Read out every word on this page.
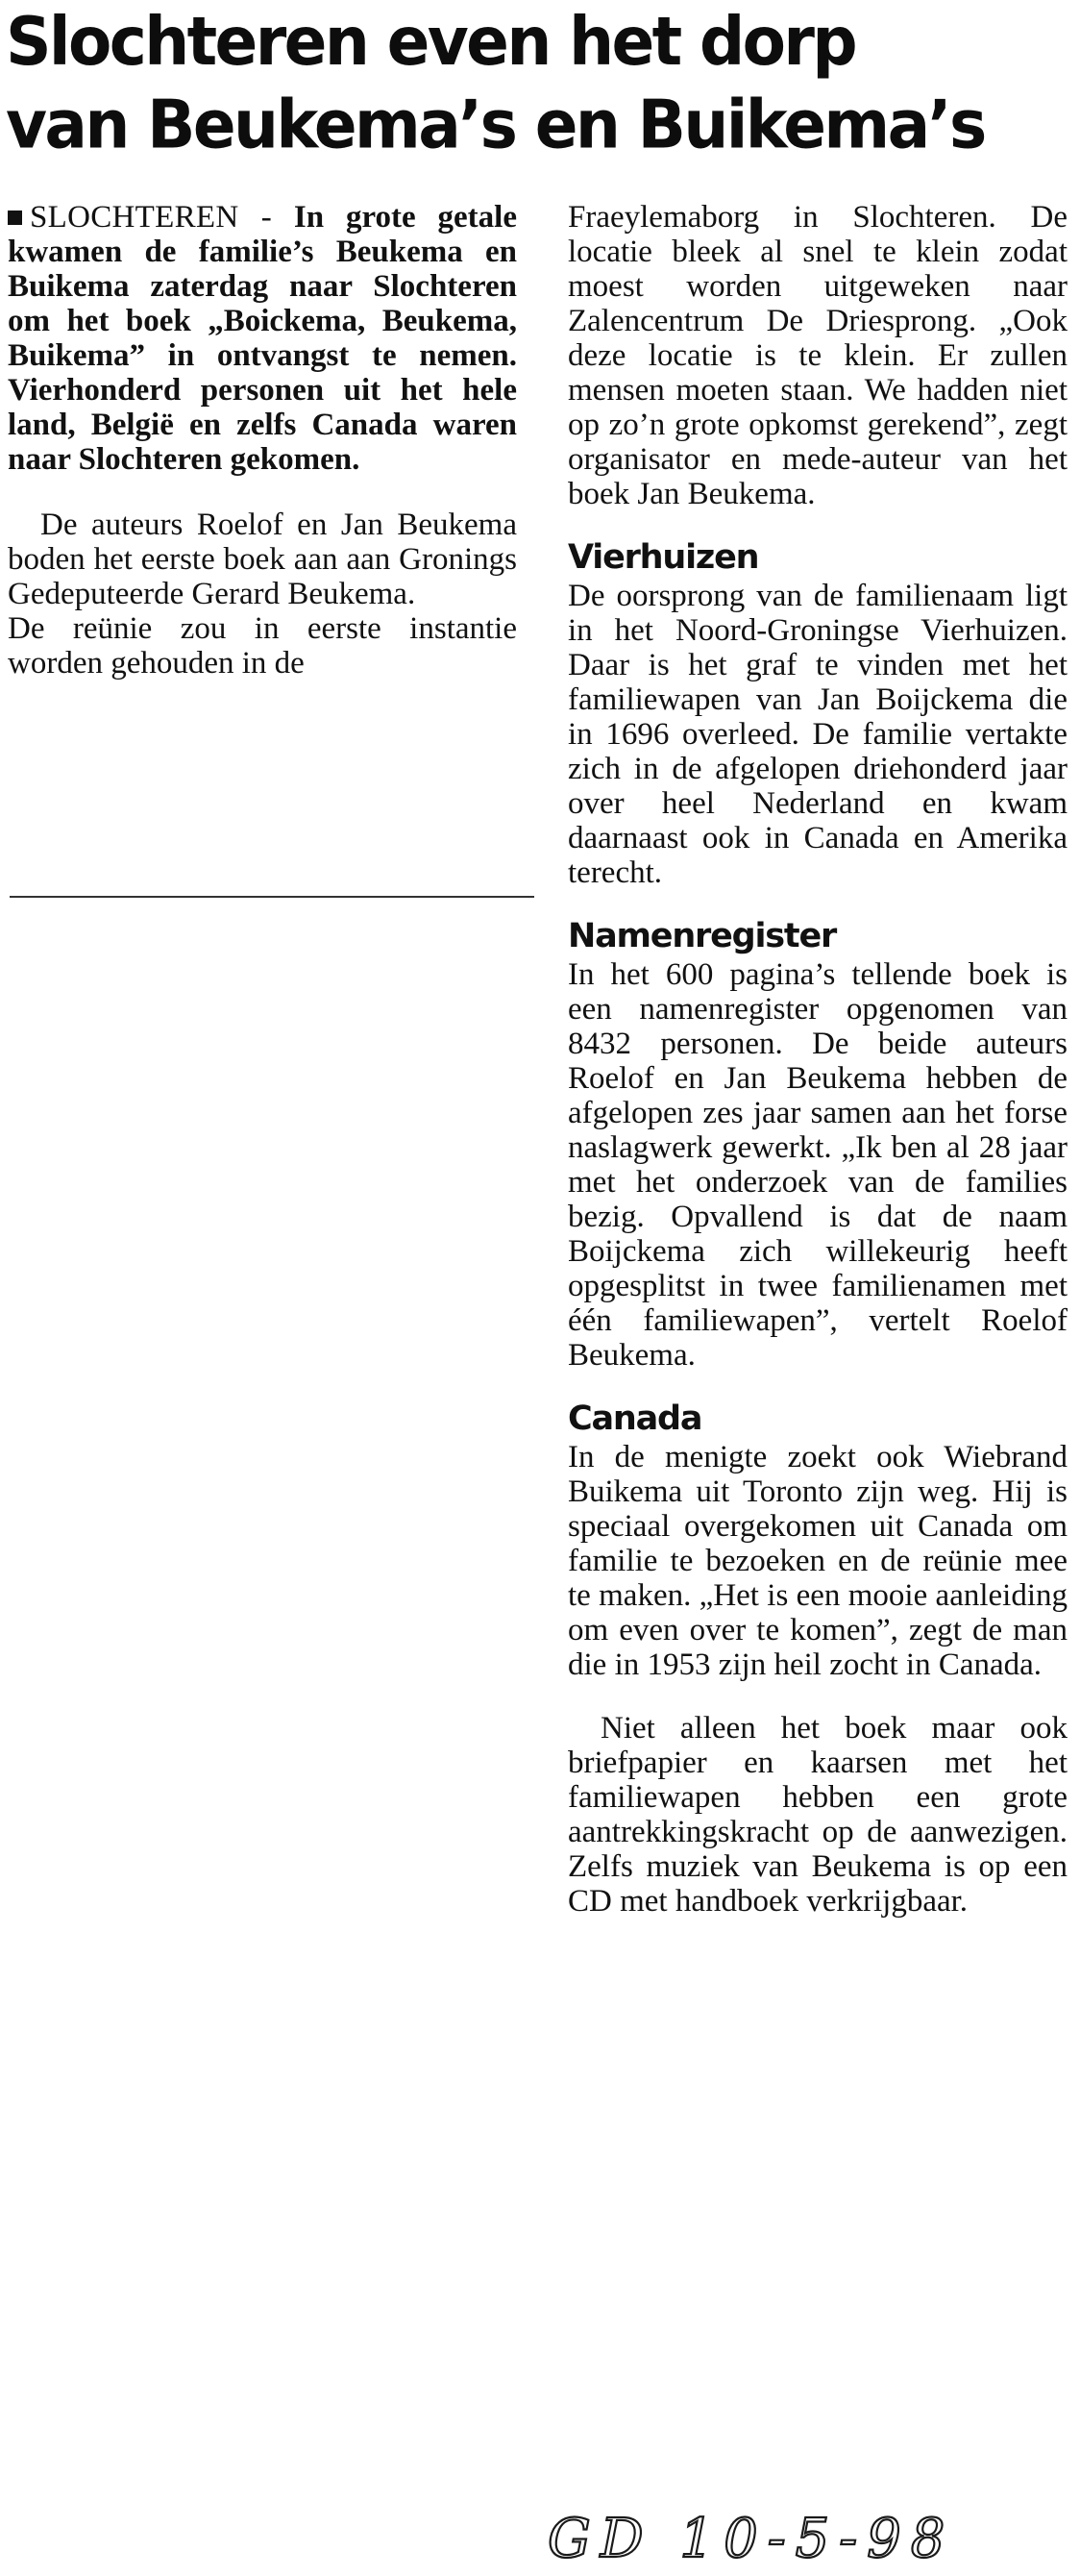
Slochteren even het dorp
van Beukema’s en Buikema’s

SLOCHTEREN - In grote getale kwamen de familie’s Beukema en Buikema zaterdag naar Slochteren om het boek „Boickema, Beukema, Buikema” in ontvangst te nemen. Vierhonderd personen uit het hele land, België en zelfs Canada waren naar Slochteren gekomen.

De auteurs Roelof en Jan Beukema boden het eerste boek aan aan Gronings Gedeputeerde Gerard Beukema.

De reünie zou in eerste instantie worden gehouden in de

Fraeylemaborg in Slochteren. De locatie bleek al snel te klein zodat moest worden uitgeweken naar Zalencentrum De Driesprong. „Ook deze locatie is te klein. Er zullen mensen moeten staan. We hadden niet op zo’n grote opkomst gerekend”, zegt organisator en mede-auteur van het boek Jan Beukema.

Vierhuizen

De oorsprong van de familienaam ligt in het Noord-Groningse Vierhuizen. Daar is het graf te vinden met het familiewapen van Jan Boijckema die in 1696 overleed. De familie vertakte zich in de afgelopen driehonderd jaar over heel Nederland en kwam daarnaast ook in Canada en Amerika terecht.

Namenregister

In het 600 pagina’s tellende boek is een namenregister opgenomen van 8432 personen. De beide auteurs Roelof en Jan Beukema hebben de afgelopen zes jaar samen aan het forse naslagwerk gewerkt. „Ik ben al 28 jaar met het onderzoek van de families bezig. Opvallend is dat de naam Boijckema zich willekeurig heeft opgesplitst in twee familienamen met één familiewapen”, vertelt Roelof Beukema.

Canada

In de menigte zoekt ook Wiebrand Buikema uit Toronto zijn weg. Hij is speciaal overgekomen uit Canada om familie te bezoeken en de reünie mee te maken. „Het is een mooie aanleiding om even over te komen”, zegt de man die in 1953 zijn heil zocht in Canada.

Niet alleen het boek maar ook briefpapier en kaarsen met het familiewapen hebben een grote aantrekkingskracht op de aanwezigen. Zelfs muziek van Beukema is op een CD met handboek verkrijgbaar.

GD 10-5-98
